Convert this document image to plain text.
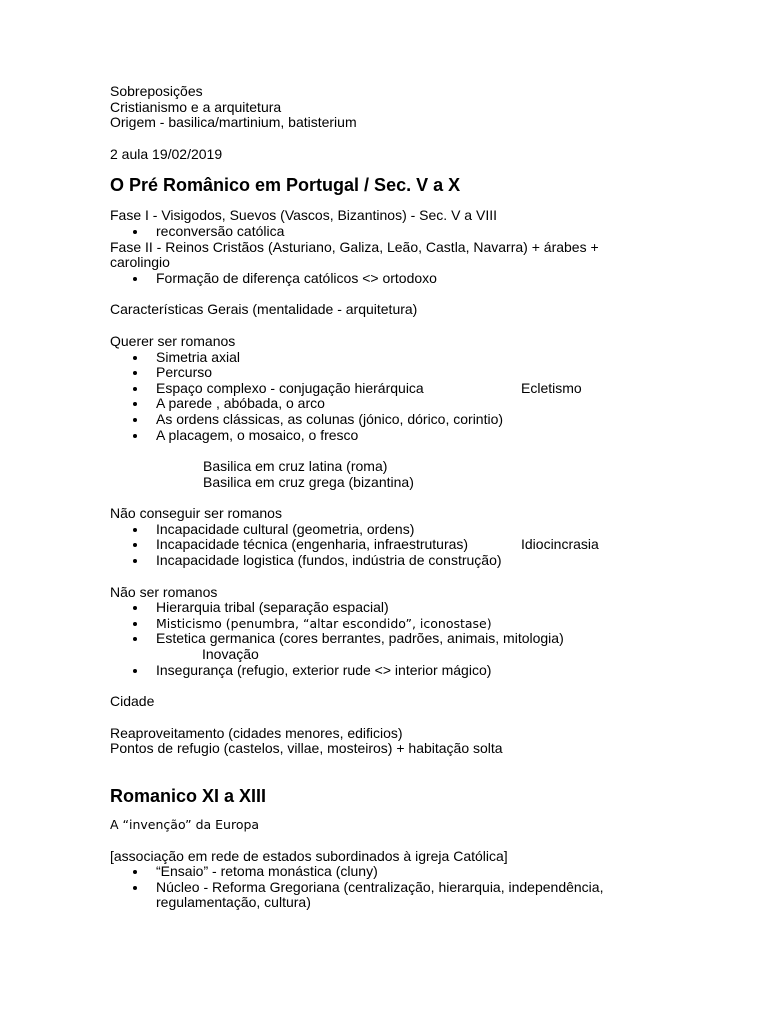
Sobreposições
Cristianismo e a arquitetura
Origem - basilica/martinium, batisterium
2 aula 19/02/2019
O Pré Românico em Portugal / Sec. V a X
Fase I - Visigodos, Suevos (Vascos, Bizantinos) - Sec. V a VIII
reconversão católica
Fase II - Reinos Cristãos (Asturiano, Galiza, Leão, Castla, Navarra) + árabes +
carolingio
Formação de diferença católicos <> ortodoxo
Características Gerais (mentalidade - arquitetura)
Querer ser romanos
Simetria axial
Percurso
Espaço complexo - conjugação hierárquica	Ecletismo
A parede , abóbada, o arco
As ordens clássicas, as colunas (jónico, dórico, corintio)
A placagem, o mosaico, o fresco
Basilica em cruz latina (roma)
Basilica em cruz grega (bizantina)
Não conseguir ser romanos
Incapacidade cultural (geometria, ordens)
Incapacidade técnica (engenharia, infraestruturas)	Idiocincrasia
Incapacidade logistica (fundos, indústria de construção)
Não ser romanos
Hierarquia tribal (separação espacial)
Misticismo (penumbra, “altar escondido”, iconostase)
Estetica germanica (cores berrantes, padrões, animais, mitologia)
Inovação
Insegurança (refugio, exterior rude <> interior mágico)
Cidade
Reaproveitamento (cidades menores, edificios)
Pontos de refugio (castelos, villae, mosteiros) + habitação solta
Romanico XI a XIII
A “invenção” da Europa
[associação em rede de estados subordinados à igreja Católica]
“Ensaio” - retoma monástica (cluny)
Núcleo - Reforma Gregoriana (centralização, hierarquia, independência, regulamentação, cultura)
